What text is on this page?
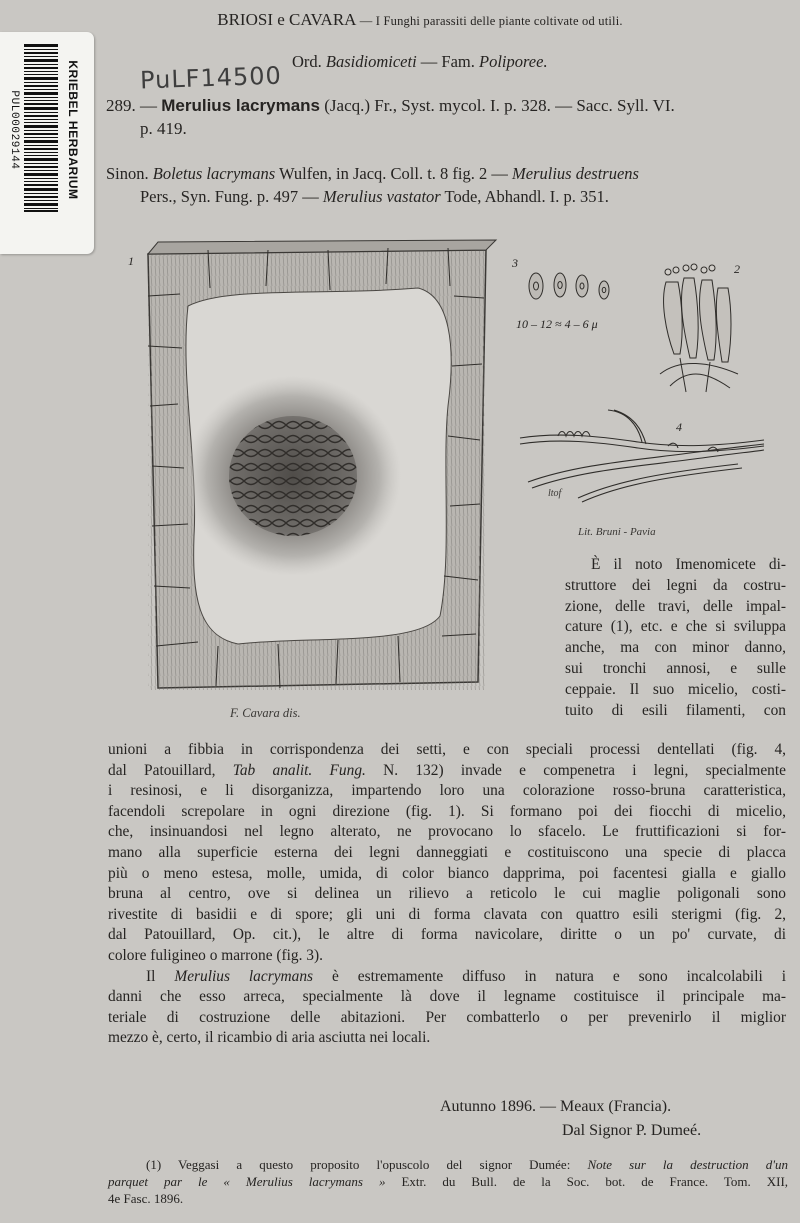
KRIEBEL HERBARIUM
PUL00029144
BRIOSI e CAVARA — I Funghi parassiti delle piante coltivate od utili.
PuLF14500
Ord. Basidiomiceti — Fam. Poliporee.
289. — Merulius lacrymans (Jacq.) Fr., Syst. mycol. I. p. 328. — Sacc. Syll. VI.
p. 419.
Sinon. Boletus lacrymans Wulfen, in Jacq. Coll. t. 8 fig. 2 — Merulius destruens
Pers., Syn. Fung. p. 497 — Merulius vastator Tode, Abhandl. I. p. 351.
1
F. Cavara dis.
3
10 – 12 ≈ 4 – 6 μ
2
4
ltof
Lit. Bruni - Pavia
È il noto Imenomicete di-
struttore dei legni da costru-
zione, delle travi, delle impal-
cature (1), etc. e che si sviluppa
anche, ma con minor danno,
sui tronchi annosi, e sulle
ceppaie. Il suo micelio, costi-
tuito di esili filamenti, con
unioni a fibbia in corrispondenza dei setti, e con speciali processi dentellati (fig. 4,
dal Patouillard, Tab analit. Fung. N. 132) invade e compenetra i legni, specialmente
i resinosi, e li disorganizza, impartendo loro una colorazione rosso-bruna caratteristica,
facendoli screpolare in ogni direzione (fig. 1). Si formano poi dei fiocchi di micelio,
che, insinuandosi nel legno alterato, ne provocano lo sfacelo. Le fruttificazioni si for-
mano alla superficie esterna dei legni danneggiati e costituiscono una specie di placca
più o meno estesa, molle, umida, di color bianco dapprima, poi facentesi gialla e giallo
bruna al centro, ove si delinea un rilievo a reticolo le cui maglie poligonali sono
rivestite di basidii e di spore; gli uni di forma clavata con quattro esili sterigmi (fig. 2,
dal Patouillard, Op. cit.), le altre di forma navicolare, diritte o un po' curvate, di
colore fuligineo o marrone (fig. 3).
Il Merulius lacrymans è estremamente diffuso in natura e sono incalcolabili i
danni che esso arreca, specialmente là dove il legname costituisce il principale ma-
teriale di costruzione delle abitazioni. Per combatterlo o per prevenirlo il miglior
mezzo è, certo, il ricambio di aria asciutta nei locali.
Autunno 1896. — Meaux (Francia).
Dal Signor P. Dumeé.
(1) Veggasi a questo proposito l'opuscolo del signor Dumée: Note sur la destruction d'un
parquet par le « Merulius lacrymans » Extr. du Bull. de la Soc. bot. de France. Tom. XII,
4e Fasc. 1896.
